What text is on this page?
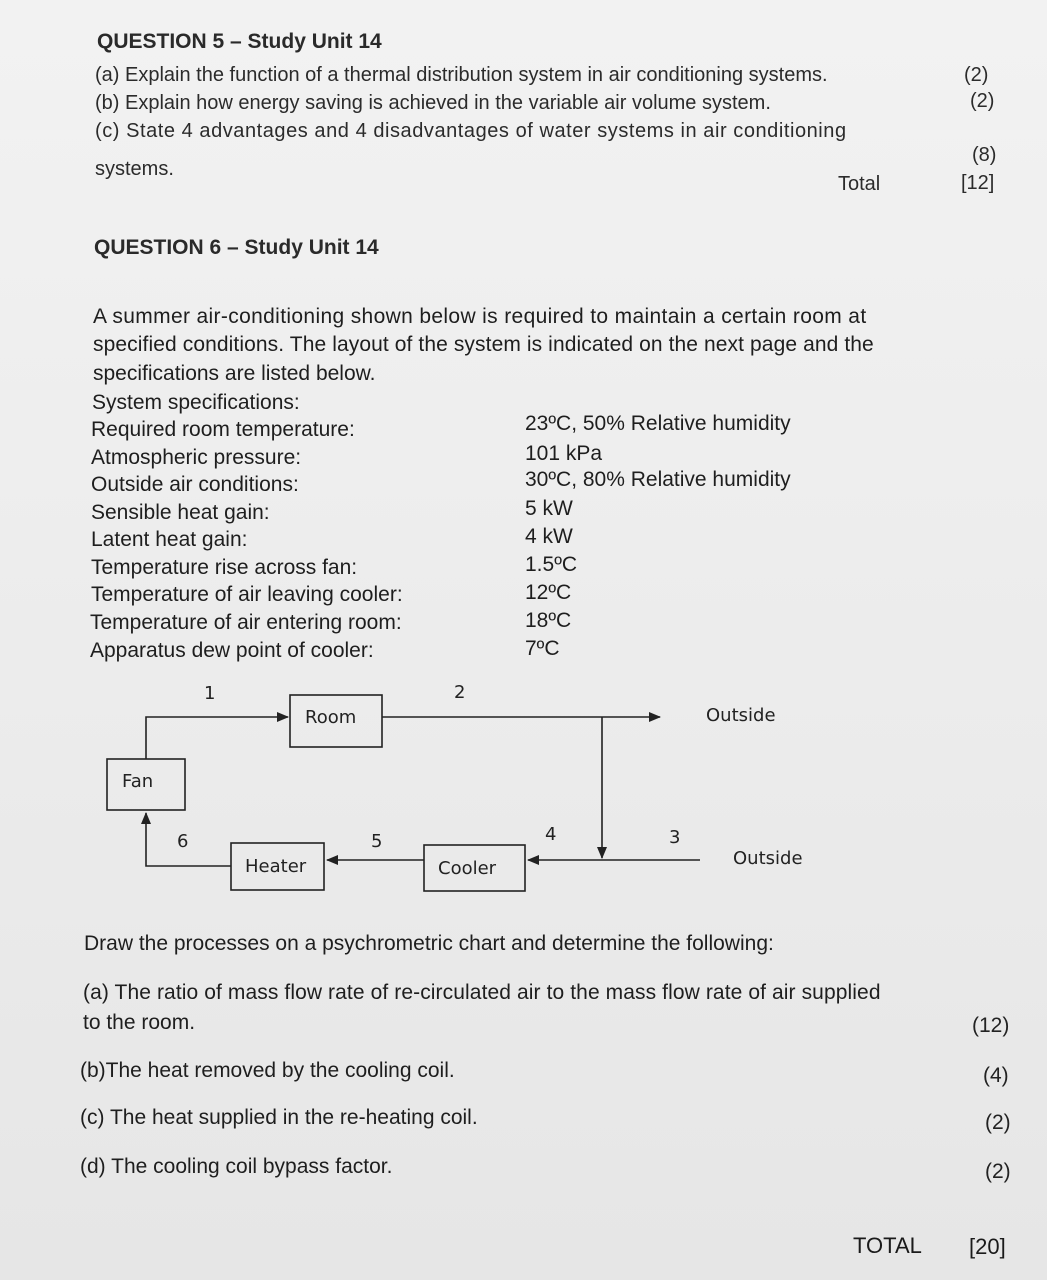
QUESTION 5 – Study Unit 14
(a) Explain the function of a thermal distribution system in air conditioning systems.	(2)
(b) Explain how energy saving is achieved in the variable air volume system.	(2)
(c) State 4 advantages and 4 disadvantages of water systems in air conditioning
systems.
(8)
Total	[12]
QUESTION 6 – Study Unit 14
A summer air-conditioning shown below is required to maintain a certain room at
specified conditions. The layout of the system is indicated on the next page and the
specifications are listed below.
System specifications:
Required room temperature:	23ºC, 50% Relative humidity
Atmospheric pressure:	101 kPa
Outside air conditions:	30ºC, 80% Relative humidity
Sensible heat gain:	5 kW
Latent heat gain:	4 kW
Temperature rise across fan:	1.5ºC
Temperature of air leaving cooler:	12ºC
Temperature of air entering room:	18ºC
Apparatus dew point of cooler:	7ºC
Room
Fan
Heater	Cooler
Outside
Outside
1	2
3
4
5
6
Draw the processes on a psychrometric chart and determine the following:
(a) The ratio of mass flow rate of re-circulated air to the mass flow rate of air supplied
to the room.	(12)
(b)The heat removed by the cooling coil.	(4)
(c) The heat supplied in the re-heating coil.	(2)
(d) The cooling coil bypass factor.	(2)
TOTAL [20]
